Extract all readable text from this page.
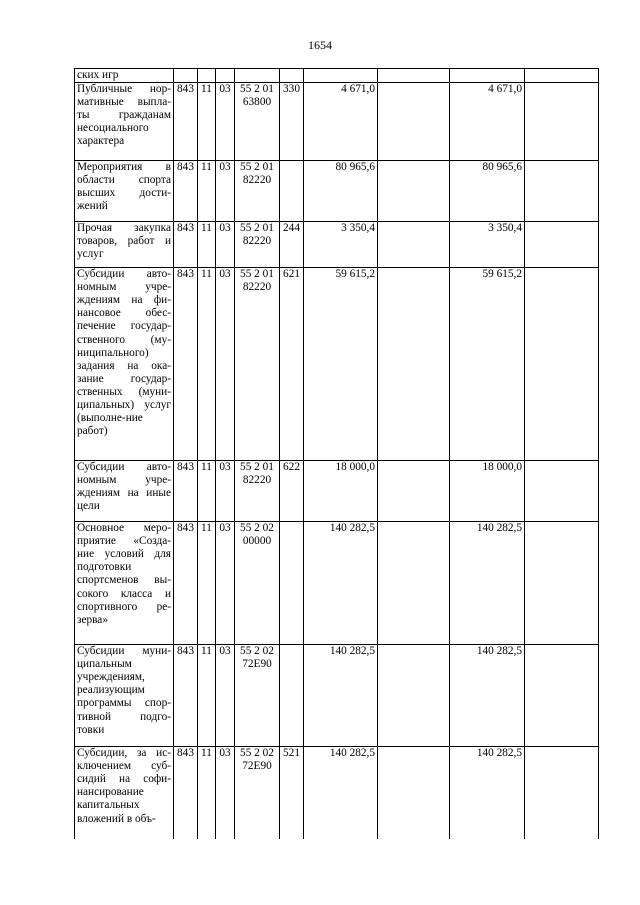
1654
ских игр									
Публичные нор-мативные выпла-ты гражданам несоциального характера	843	11	03	55 2 01 63800	330	4 671,0		4 671,0	
Мероприятия в области спорта высших дости-жений	843	11	03	55 2 01 82220		80 965,6		80 965,6	
Прочая закупка товаров, работ и услуг	843	11	03	55 2 01 82220	244	3 350,4		3 350,4	
Субсидии авто-номным учре-ждениям на фи-нансовое обес-печение государ-ственного (му-ниципального) задания на ока-зание государ-ственных (муни-ципальных) услуг (выполне-ние работ)	843	11	03	55 2 01 82220	621	59 615,2		59 615,2	
Субсидии авто-номным учре-ждениям на иные цели	843	11	03	55 2 01 82220	622	18 000,0		18 000,0	
Основное меро-приятие «Созда-ние условий для подготовки спортсменов вы-сокого класса и спортивного ре-зерва»	843	11	03	55 2 02 00000		140 282,5		140 282,5	
Субсидии муни-ципальным учреждениям, реализующим программы спор-тивной подго-товки	843	11	03	55 2 02 72Е90		140 282,5		140 282,5	
Субсидии, за ис-ключением суб-сидий на софи-нансирование капитальных вложений в объ-	843	11	03	55 2 02 72Е90	521	140 282,5		140 282,5	
